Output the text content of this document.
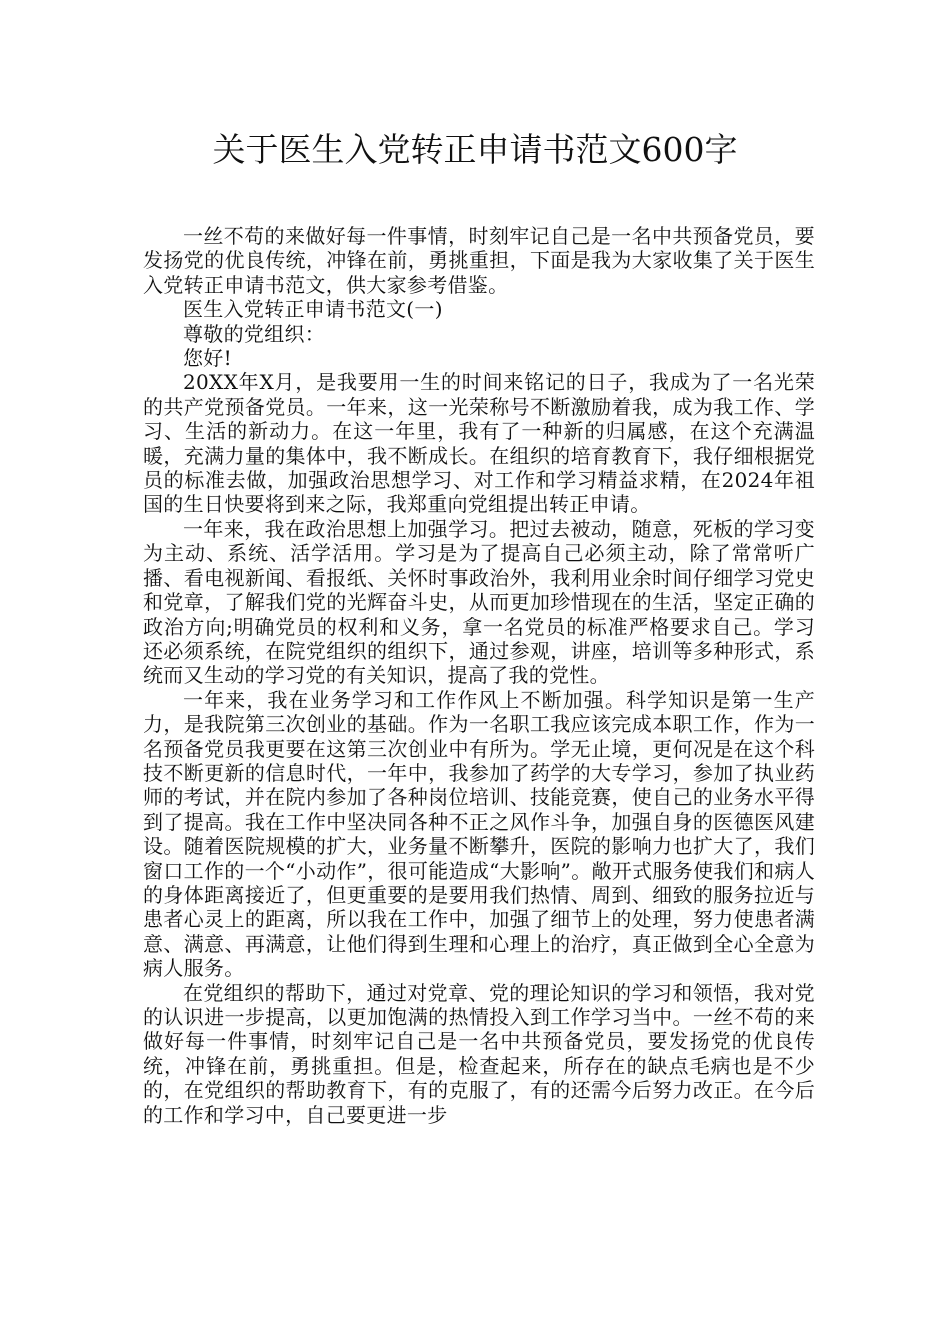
关于医生入党转正申请书范文600字

一丝不苟的来做好每一件事情，时刻牢记自己是一名中共预备党员，要发扬党的优良传统，冲锋在前，勇挑重担，下面是我为大家收集了关于医生入党转正申请书范文，供大家参考借鉴。

医生入党转正申请书范文(一)

尊敬的党组织：

您好!

20XX年X月，是我要用一生的时间来铭记的日子，我成为了一名光荣的共产党预备党员。一年来，这一光荣称号不断激励着我，成为我工作、学习、生活的新动力。在这一年里，我有了一种新的归属感，在这个充满温暖，充满力量的集体中，我不断成长。在组织的培育教育下，我仔细根据党员的标准去做，加强政治思想学习、对工作和学习精益求精，在2024年祖国的生日快要将到来之际，我郑重向党组提出转正申请。

一年来，我在政治思想上加强学习。把过去被动，随意，死板的学习变为主动、系统、活学活用。学习是为了提高自己必须主动，除了常常听广播、看电视新闻、看报纸、关怀时事政治外，我利用业余时间仔细学习党史和党章，了解我们党的光辉奋斗史，从而更加珍惜现在的生活，坚定正确的政治方向;明确党员的权利和义务，拿一名党员的标准严格要求自己。学习还必须系统，在院党组织的组织下，通过参观，讲座，培训等多种形式，系统而又生动的学习党的有关知识，提高了我的党性。

一年来，我在业务学习和工作作风上不断加强。科学知识是第一生产力，是我院第三次创业的基础。作为一名职工我应该完成本职工作，作为一名预备党员我更要在这第三次创业中有所为。学无止境，更何况是在这个科技不断更新的信息时代，一年中，我参加了药学的大专学习，参加了执业药师的考试，并在院内参加了各种岗位培训、技能竞赛，使自己的业务水平得到了提高。我在工作中坚决同各种不正之风作斗争，加强自身的医德医风建设。随着医院规模的扩大，业务量不断攀升，医院的影响力也扩大了，我们窗口工作的一个“小动作”，很可能造成“大影响”。敞开式服务使我们和病人的身体距离接近了，但更重要的是要用我们热情、周到、细致的服务拉近与患者心灵上的距离，所以我在工作中，加强了细节上的处理，努力使患者满意、满意、再满意，让他们得到生理和心理上的治疗，真正做到全心全意为病人服务。

在党组织的帮助下，通过对党章、党的理论知识的学习和领悟，我对党的认识进一步提高，以更加饱满的热情投入到工作学习当中。一丝不苟的来做好每一件事情，时刻牢记自己是一名中共预备党员，要发扬党的优良传统，冲锋在前，勇挑重担。但是，检查起来，所存在的缺点毛病也是不少的，在党组织的帮助教育下，有的克服了，有的还需今后努力改正。在今后的工作和学习中，自己要更进一步
